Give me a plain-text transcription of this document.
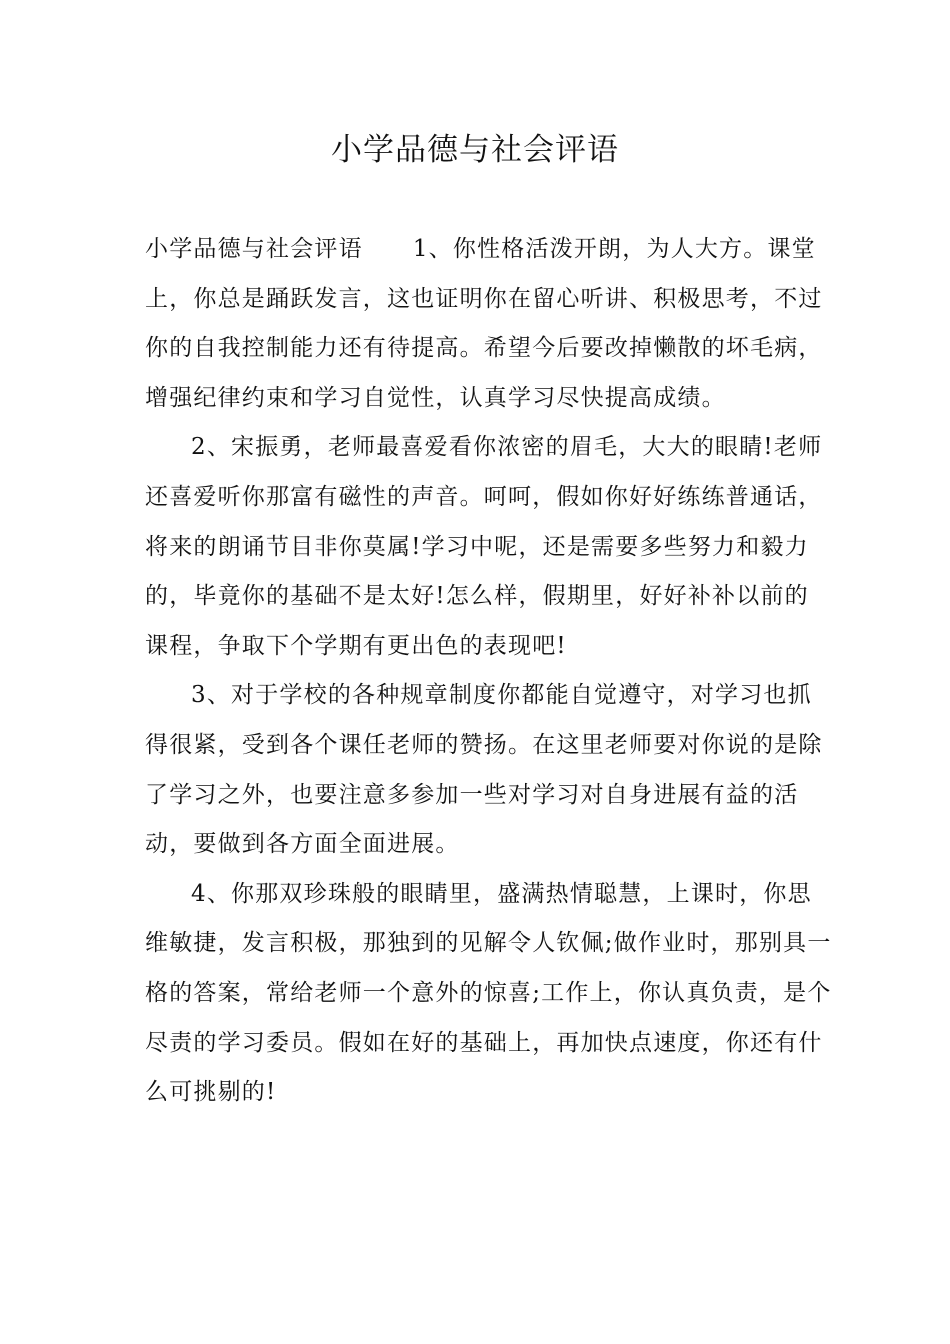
小学品德与社会评语

小学品德与社会评语 1、你性格活泼开朗，为人大方。课堂上，你总是踊跃发言，这也证明你在留心听讲、积极思考，不过你的自我控制能力还有待提高。希望今后要改掉懒散的坏毛病，增强纪律约束和学习自觉性，认真学习尽快提高成绩。

2、宋振勇，老师最喜爱看你浓密的眉毛，大大的眼睛!老师还喜爱听你那富有磁性的声音。呵呵，假如你好好练练普通话，将来的朗诵节目非你莫属!学习中呢，还是需要多些努力和毅力的，毕竟你的基础不是太好!怎么样，假期里，好好补补以前的课程，争取下个学期有更出色的表现吧!

3、对于学校的各种规章制度你都能自觉遵守，对学习也抓得很紧，受到各个课任老师的赞扬。在这里老师要对你说的是除了学习之外，也要注意多参加一些对学习对自身进展有益的活动，要做到各方面全面进展。

4、你那双珍珠般的眼睛里，盛满热情聪慧，上课时，你思维敏捷，发言积极，那独到的见解令人钦佩;做作业时，那别具一格的答案，常给老师一个意外的惊喜;工作上，你认真负责，是个尽责的学习委员。假如在好的基础上，再加快点速度，你还有什么可挑剔的!
